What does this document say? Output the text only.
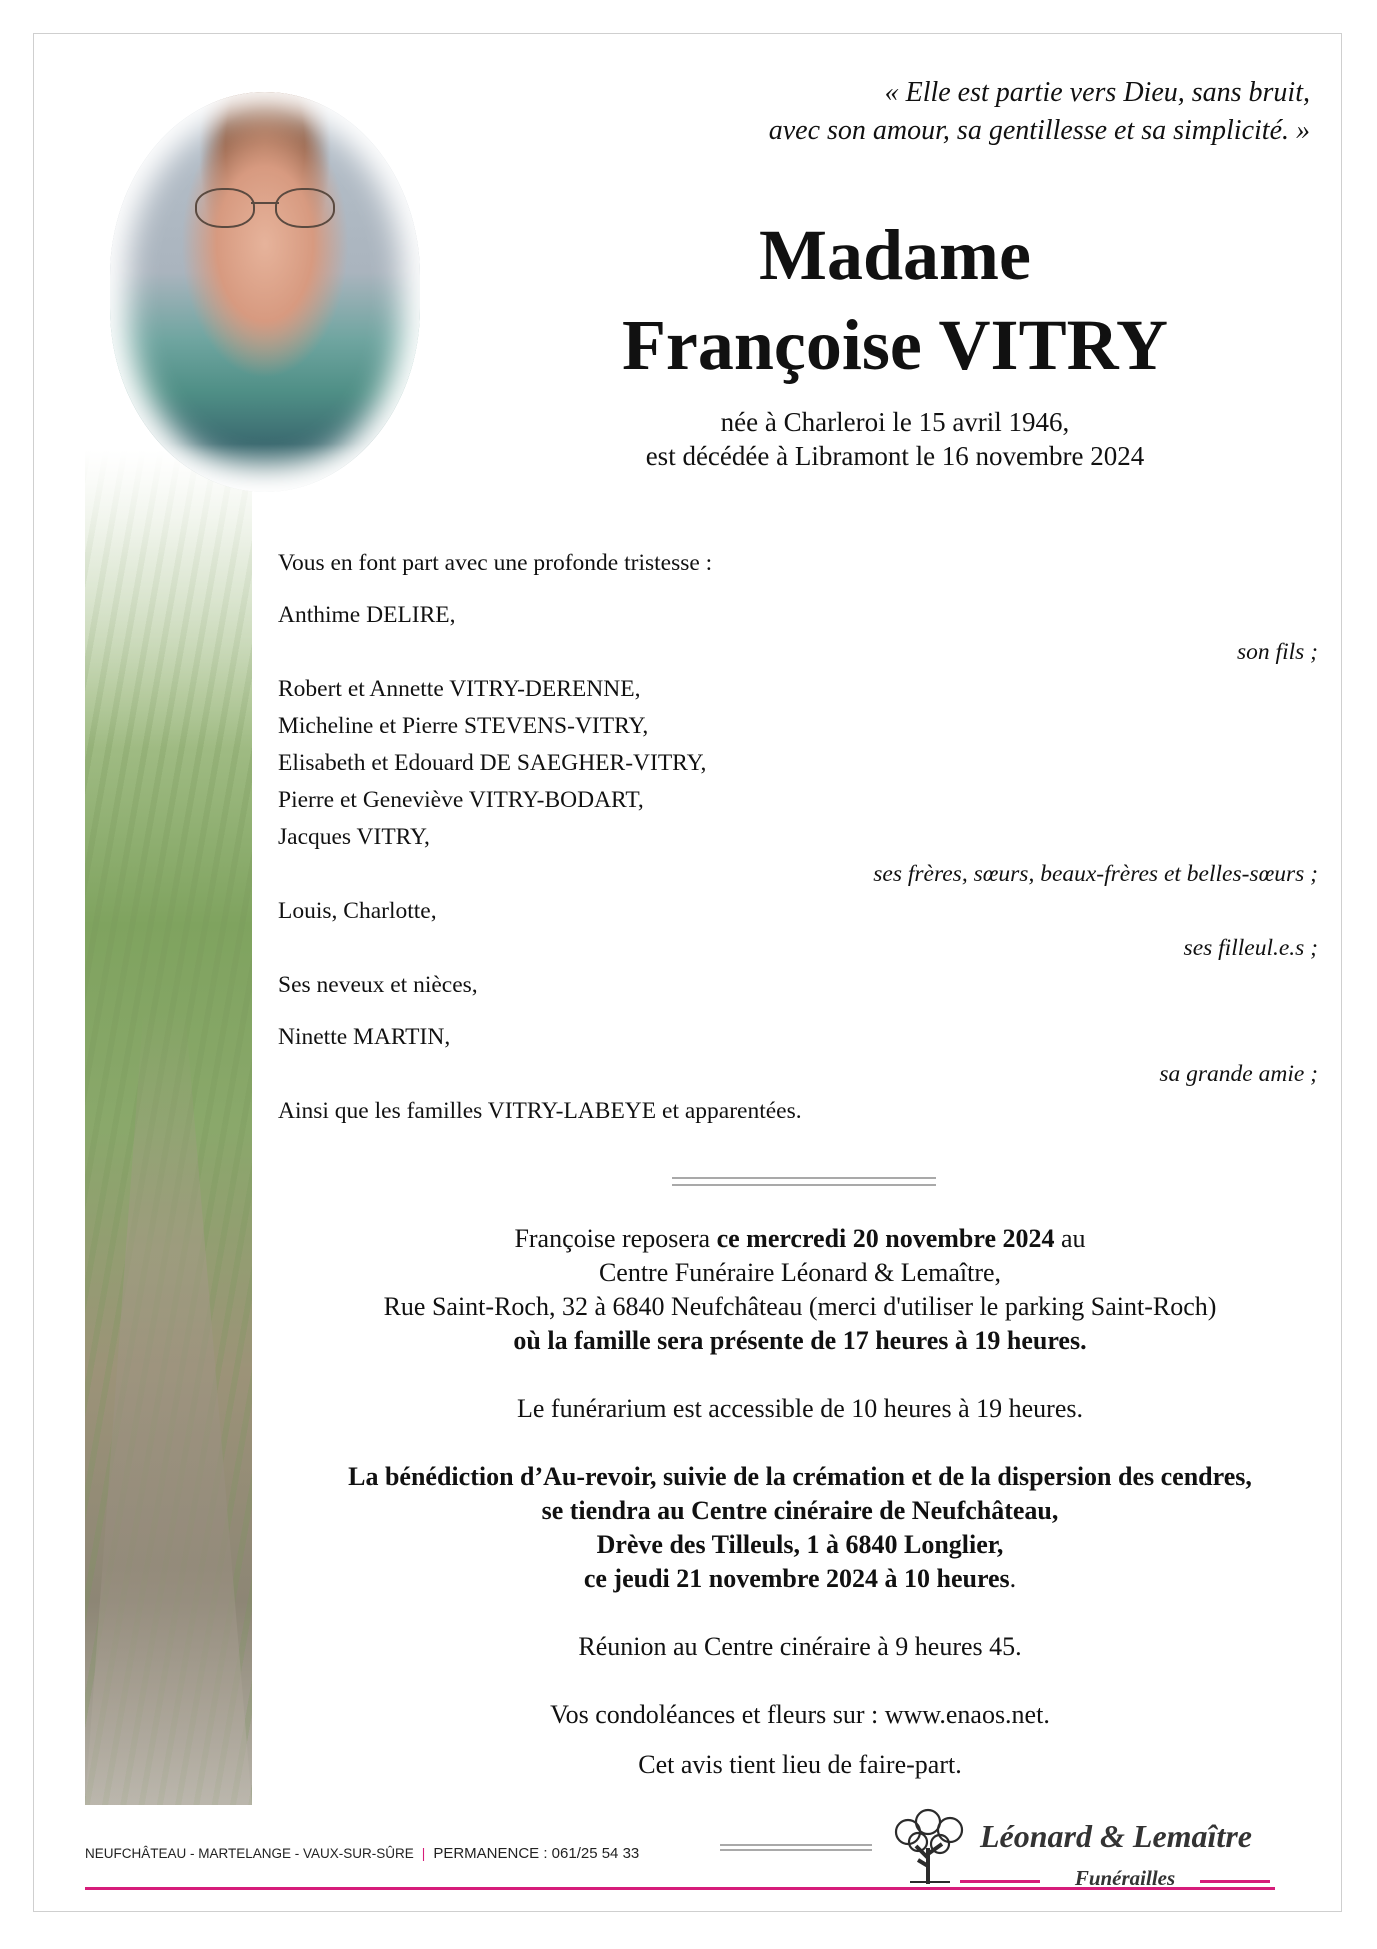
« Elle est partie vers Dieu, sans bruit,
avec son amour, sa gentillesse et sa simplicité. »
Madame
Françoise VITRY
née à Charleroi le 15 avril 1946,
est décédée à Libramont le 16 novembre 2024
Vous en font part avec une profonde tristesse :
Anthime DELIRE,
son fils ;
Robert et Annette VITRY-DERENNE,
Micheline et Pierre STEVENS-VITRY,
Elisabeth et Edouard DE SAEGHER-VITRY,
Pierre et Geneviève VITRY-BODART,
Jacques VITRY,
ses frères, sœurs, beaux-frères et belles-sœurs ;
Louis, Charlotte,
ses filleul.e.s ;
Ses neveux et nièces,
Ninette MARTIN,
sa grande amie ;
Ainsi que les familles VITRY-LABEYE et apparentées.

Françoise reposera ce mercredi 20 novembre 2024 au

Centre Funéraire Léonard & Lemaître,

Rue Saint-Roch, 32 à 6840 Neufchâteau (merci d'utiliser le parking Saint-Roch)

où la famille sera présente de 17 heures à 19 heures.

Le funérarium est accessible de 10 heures à 19 heures.

La bénédiction d’Au-revoir, suivie de la crémation et de la dispersion des cendres,

se tiendra au Centre cinéraire de Neufchâteau,

Drève des Tilleuls, 1 à 6840 Longlier,

ce jeudi 21 novembre 2024 à 10 heures.

Réunion au Centre cinéraire à 9 heures 45.

Vos condoléances et fleurs sur : www.enaos.net.

Cet avis tient lieu de faire-part.

NEUFCHÂTEAU - MARTELANGE - VAUX-SUR-SÛRE | PERMANENCE : 061/25 54 33	Léonard & Lemaître
Funérailles
